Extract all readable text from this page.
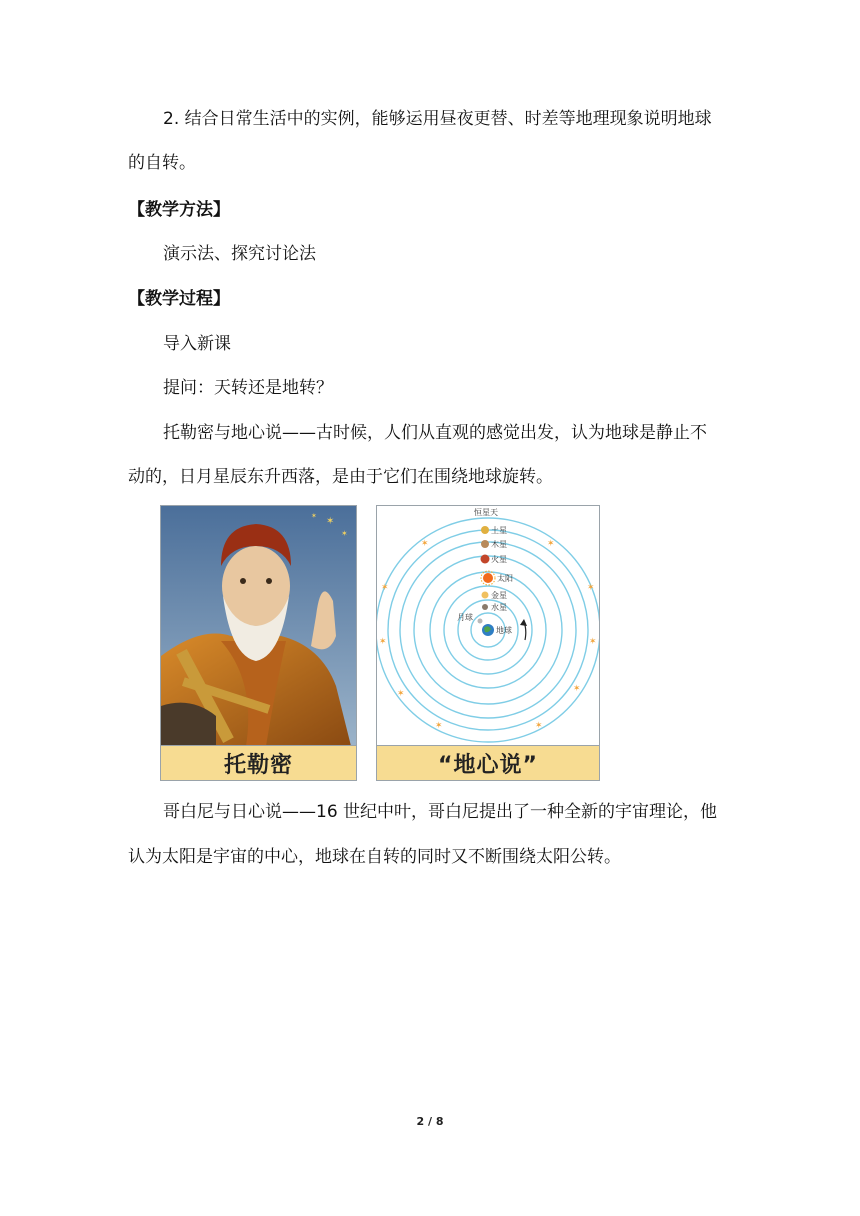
2. 结合日常生活中的实例，能够运用昼夜更替、时差等地理现象说明地球
的自转。
【教学方法】
演示法、探究讨论法
【教学过程】
导入新课
提问：天转还是地转？
托勒密与地心说——古时候，人们从直观的感觉出发，认为地球是静止不
动的，日月星辰东升西落，是由于它们在围绕地球旋转。
✶
✶
✶
托勒密
✶	✶
✶	✶
✶	✶
✶	✶
✶	✶
恒星天
土星
木星
火星
太阳
金星
水星
月球
地球
“地心说”
哥白尼与日心说——16 世纪中叶，哥白尼提出了一种全新的宇宙理论，他
认为太阳是宇宙的中心，地球在自转的同时又不断围绕太阳公转。
2 / 8
